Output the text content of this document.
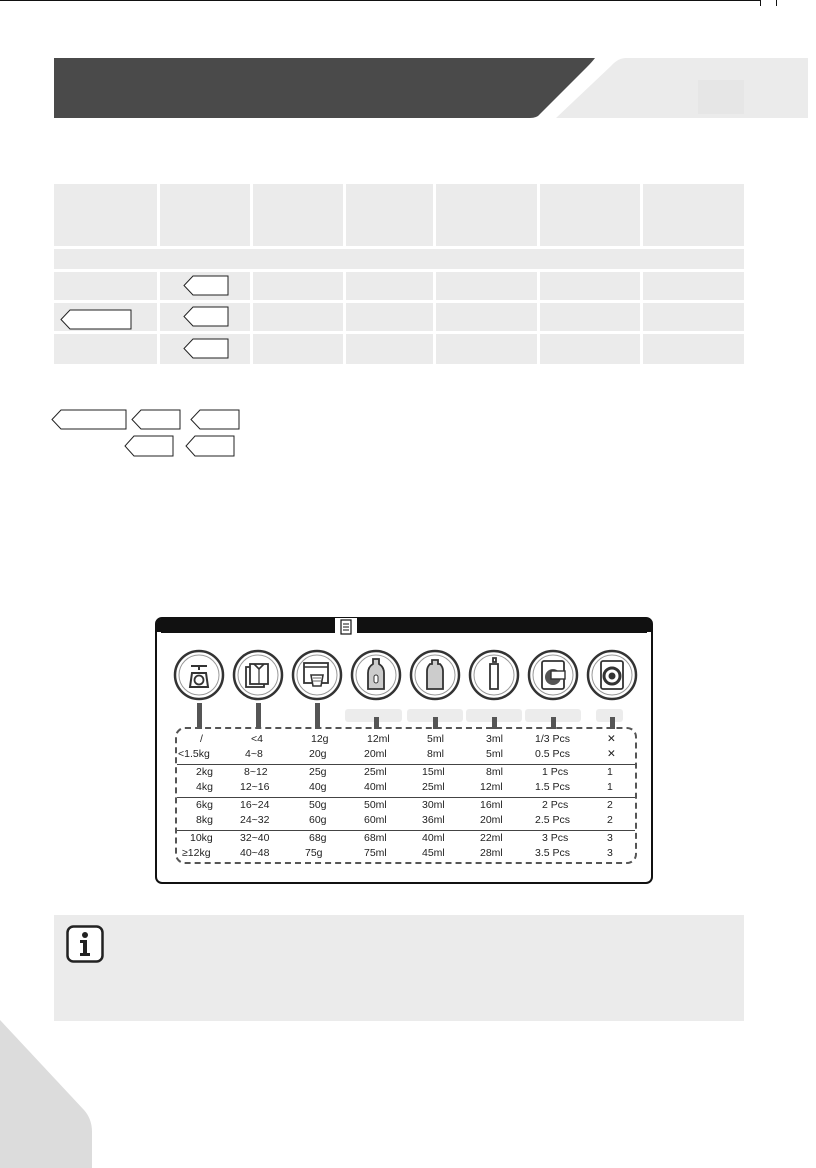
/	<4	12g	12ml	5ml	3ml	1/3 Pcs	✕
<1.5kg	4~8	20g	20ml	8ml	5ml	0.5 Pcs	✕
2kg	8~12	25g	25ml	15ml	8ml	1 Pcs	1
4kg	12~16	40g	40ml	25ml	12ml	1.5 Pcs	1
6kg	16~24	50g	50ml	30ml	16ml	2 Pcs	2
8kg	24~32	60g	60ml	36ml	20ml	2.5 Pcs	2
10kg	32~40	68g	68ml	40ml	22ml	3 Pcs	3
≥12kg	40~48	75g	75ml	45ml	28ml	3.5 Pcs	3
